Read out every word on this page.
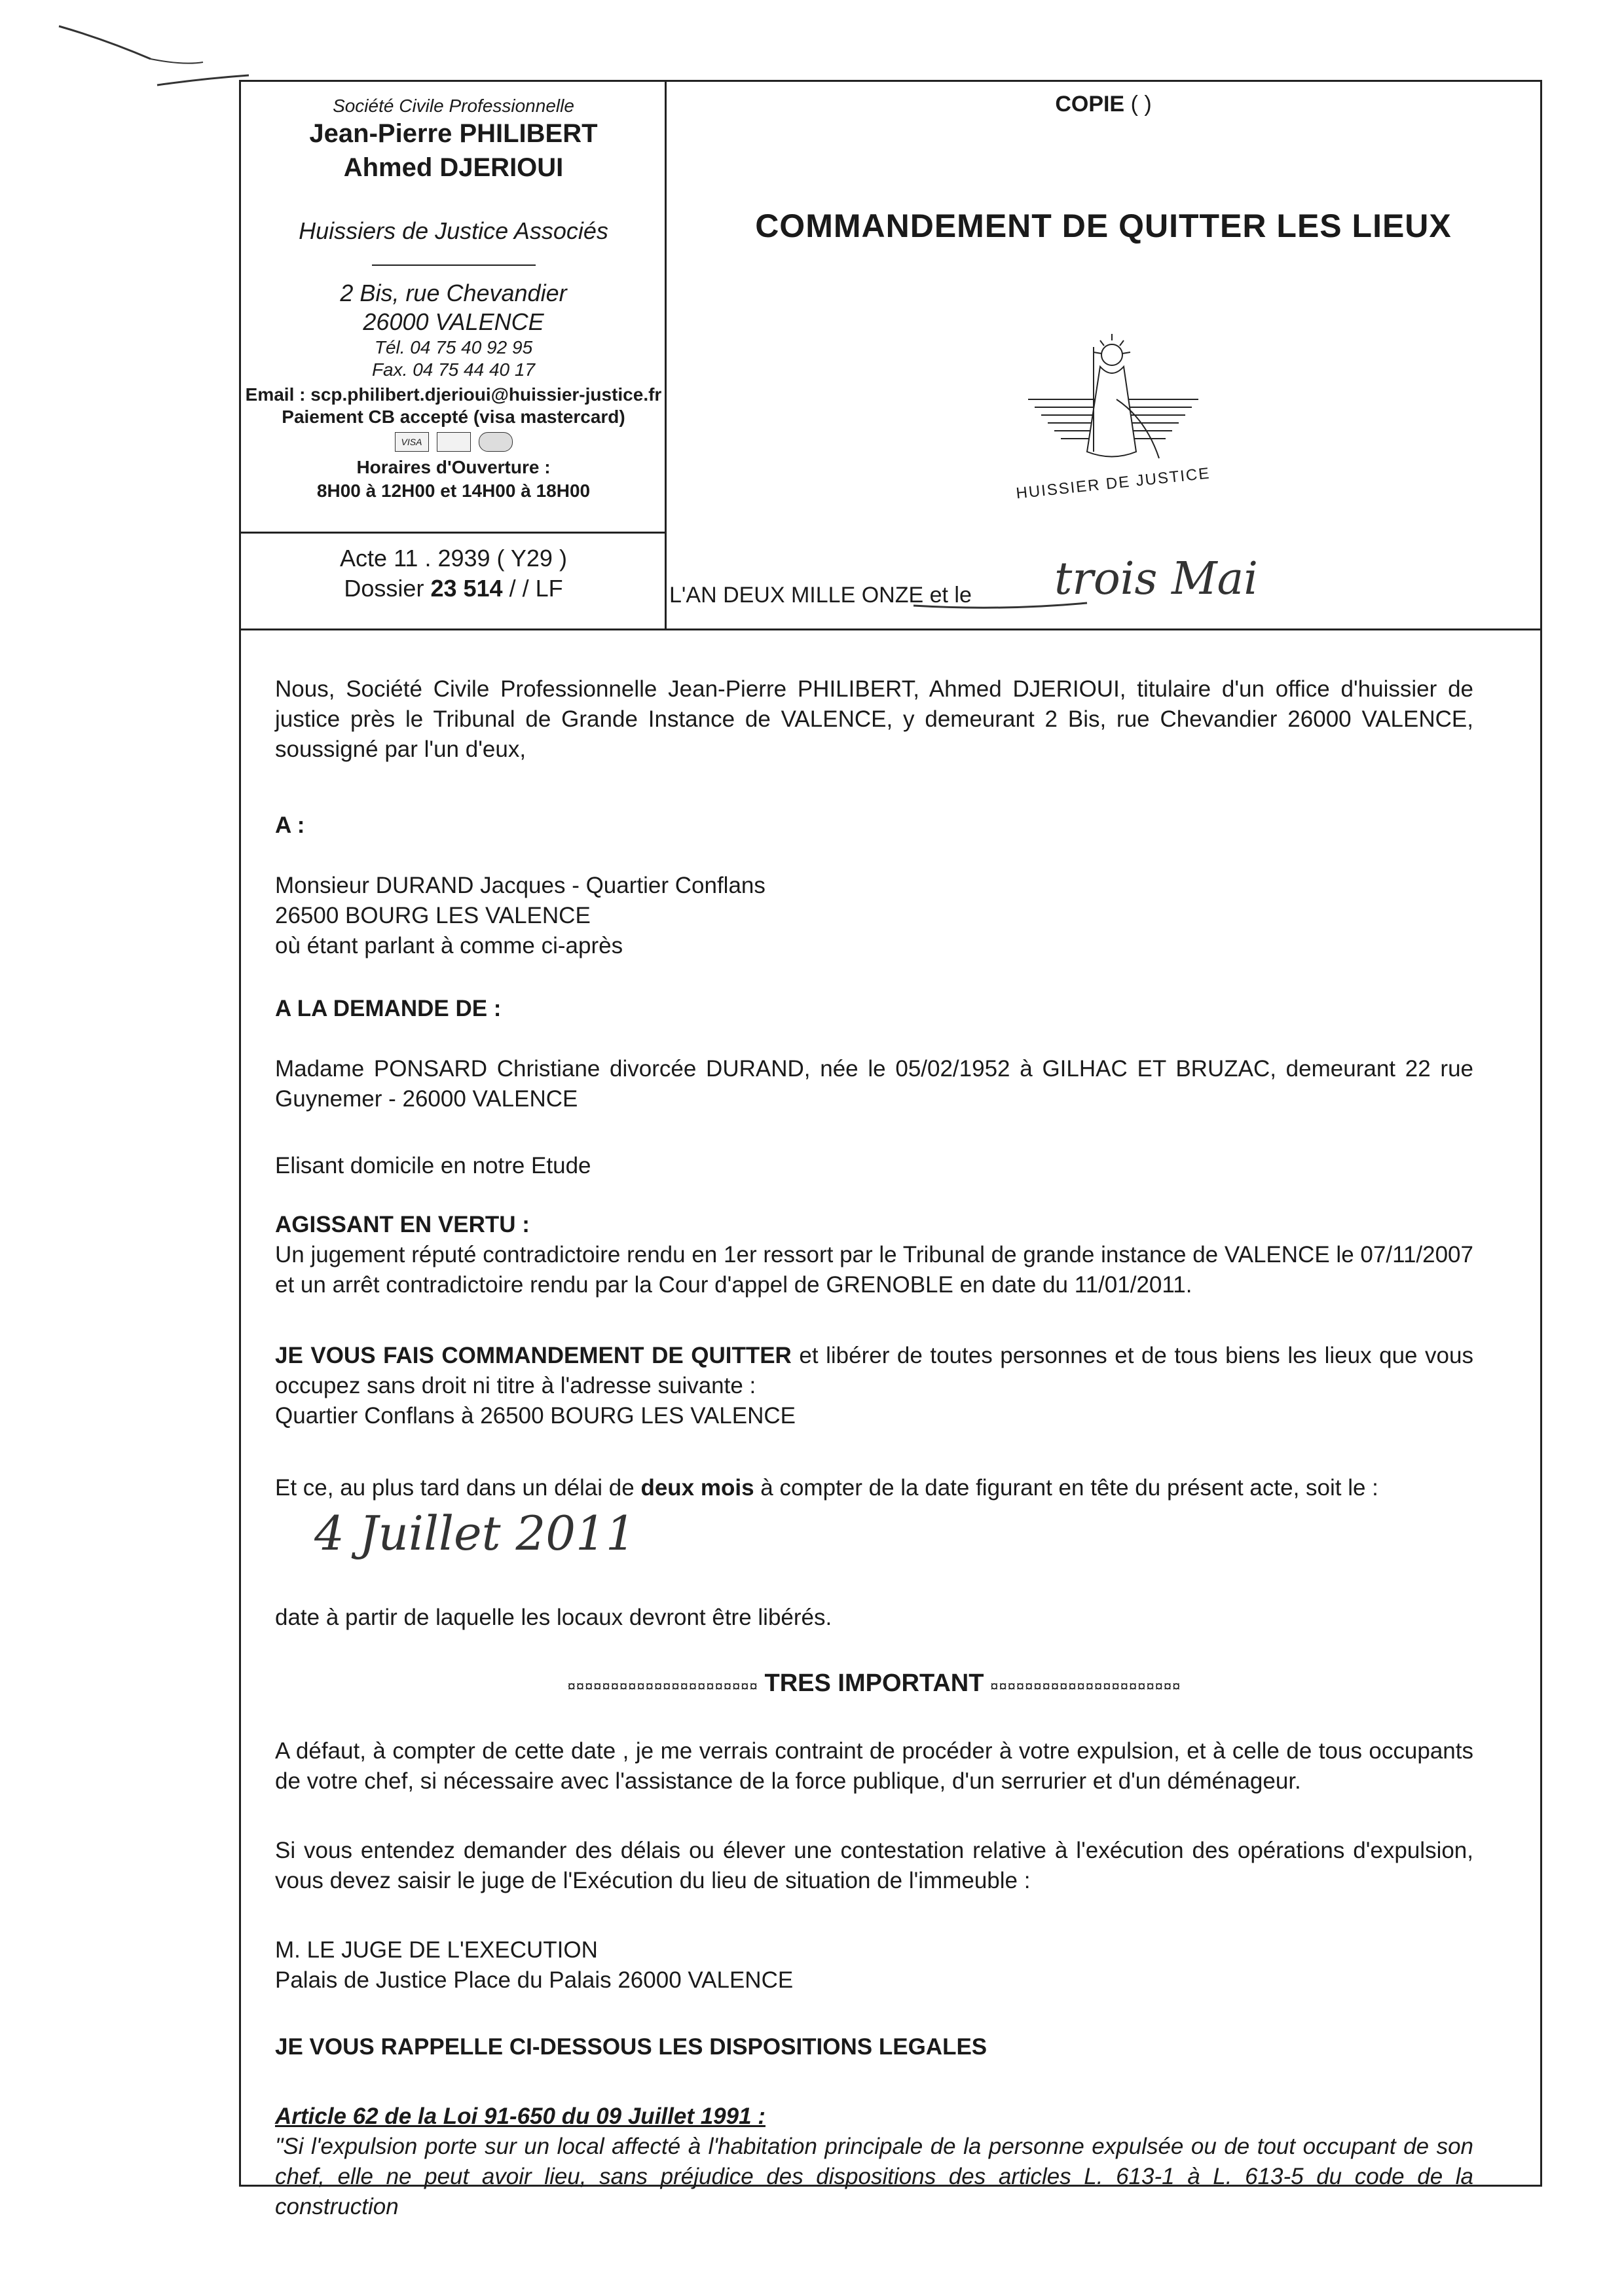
Société Civile Professionnelle
Jean-Pierre PHILIBERT
Ahmed DJERIOUI
Huissiers de Justice Associés
2 Bis, rue Chevandier
26000 VALENCE
Tél. 04 75 40 92 95
Fax. 04 75 44 40 17
Email : scp.philibert.djerioui@huissier-justice.fr
Paiement CB accepté (visa mastercard)
VISA
Horaires d'Ouverture :
8H00 à 12H00 et 14H00 à 18H00
Acte 11 . 2939 ( Y29 )
Dossier 23 514 / / LF
COPIE ( )
COMMANDEMENT DE QUITTER LES LIEUX
HUISSIER DE JUSTICE
L'AN DEUX MILLE ONZE et le trois Mai

Nous, Société Civile Professionnelle Jean-Pierre PHILIBERT, Ahmed DJERIOUI, titulaire d'un office d'huissier de justice près le Tribunal de Grande Instance de VALENCE, y demeurant 2 Bis, rue Chevandier 26000 VALENCE, soussigné par l'un d'eux,

A :

Monsieur DURAND Jacques - Quartier Conflans

26500 BOURG LES VALENCE

où étant parlant à comme ci-après

A LA DEMANDE DE :

Madame PONSARD Christiane divorcée DURAND, née le 05/02/1952 à GILHAC ET BRUZAC, demeurant 22 rue Guynemer - 26000 VALENCE

Elisant domicile en notre Etude

AGISSANT EN VERTU :

Un jugement réputé contradictoire rendu en 1er ressort par le Tribunal de grande instance de VALENCE le 07/11/2007 et un arrêt contradictoire rendu par la Cour d'appel de GRENOBLE en date du 11/01/2011.

JE VOUS FAIS COMMANDEMENT DE QUITTER et libérer de toutes personnes et de tous biens les lieux que vous occupez sans droit ni titre à l'adresse suivante :

Quartier Conflans à 26500 BOURG LES VALENCE

Et ce, au plus tard dans un délai de deux mois à compter de la date figurant en tête du présent acte, soit le :

4 Juillet 2011

date à partir de laquelle les locaux devront être libérés.

¤¤¤¤¤¤¤¤¤¤¤¤¤¤¤¤¤¤¤¤¤¤ TRES IMPORTANT ¤¤¤¤¤¤¤¤¤¤¤¤¤¤¤¤¤¤¤¤¤¤

A défaut, à compter de cette date , je me verrais contraint de procéder à votre expulsion, et à celle de tous occupants de votre chef, si nécessaire avec l'assistance de la force publique, d'un serrurier et d'un déménageur.

Si vous entendez demander des délais ou élever une contestation relative à l'exécution des opérations d'expulsion, vous devez saisir le juge de l'Exécution du lieu de situation de l'immeuble :

M. LE JUGE DE L'EXECUTION

Palais de Justice Place du Palais 26000 VALENCE

JE VOUS RAPPELLE CI-DESSOUS LES DISPOSITIONS LEGALES

Article 62 de la Loi 91-650 du 09 Juillet 1991 :

"Si l'expulsion porte sur un local affecté à l'habitation principale de la personne expulsée ou de tout occupant de son chef, elle ne peut avoir lieu, sans préjudice des dispositions des articles L. 613-1 à L. 613-5 du code de la construction
